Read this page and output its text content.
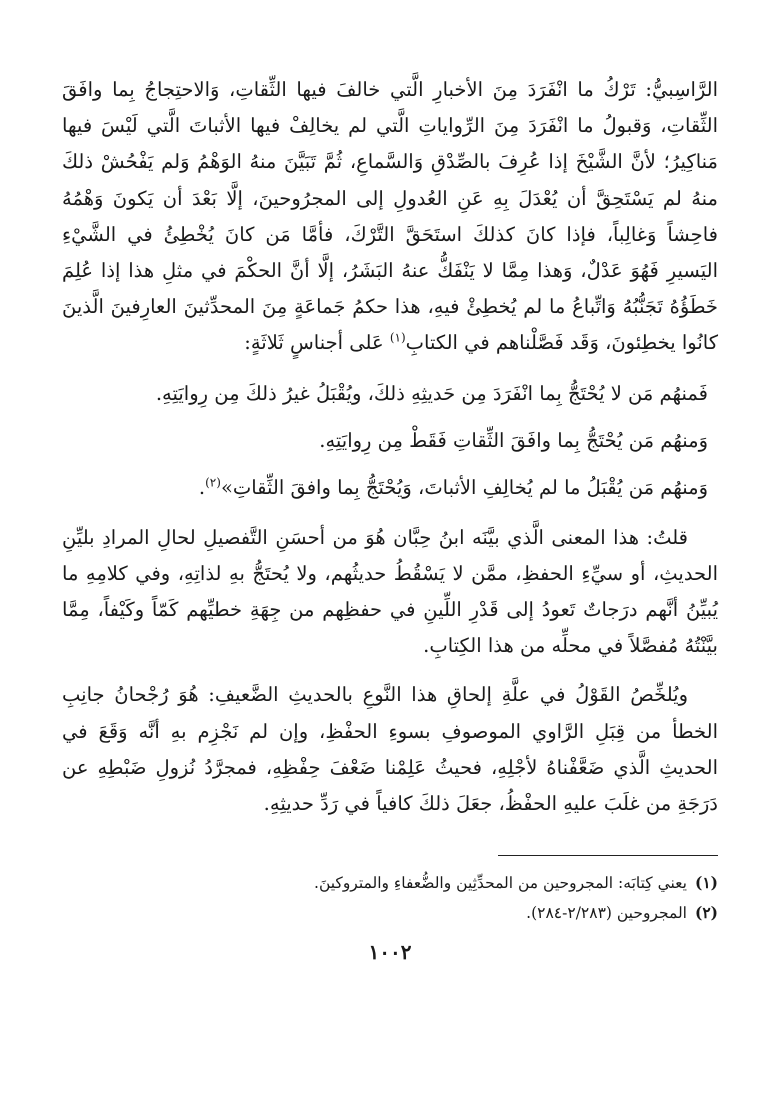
الرَّاسِبيُّ: تَرْكُ ما انْفَرَدَ مِنَ الأخبارِ الَّتي خالفَ فيها الثِّقاتِ، وَالاحتِجاجُ بِما وافَقَ الثِّقاتِ، وَقبولُ ما انْفَرَدَ مِنَ الرِّواياتِ الَّتي لم يخالِفْ فيها الأثباتَ الَّتي لَيْسَ فيها مَناكِيرُ؛ لأنَّ الشَّيْخَ إذا عُرِفَ بالصِّدْقِ وَالسَّماعِ، ثُمَّ تَبَيَّنَ منهُ الوَهْمُ وَلم يَفْحُشْ ذلكَ منهُ لم يَسْتَحِقَّ أن يُعْدَلَ بِهِ عَنِ العُدولِ إلى المجرُوحينَ، إلَّا بَعْدَ أن يَكونَ وَهْمُهُ فاحِشاً وَغالِباً، فإذا كانَ كذلكَ استَحَقَّ التَّرْكَ، فأمَّا مَن كانَ يُخْطِئُ في الشَّيْءِ اليَسيرِ فَهُوَ عَدْلٌ، وَهذا مِمَّا لا يَنْفَكُّ عنهُ البَشَرُ، إلَّا أنَّ الحكْمَ في مثلِ هذا إذا عُلِمَ خَطَؤُهُ تَجَنُّبُهُ وَاتِّباعُ ما لم يُخطِئْ فيهِ، هذا حكمُ جَماعَةٍ مِنَ المحدِّثينَ العارِفينَ الَّذينَ كانُوا يخطِئونَ، وَقَد فَصَّلْناهم في الكتابِ$^{(١)}$ عَلى أجناسٍ ثَلاثَةٍ:

فَمنهُم مَن لا يُحْتَجُّ بِما انْفَرَدَ مِن حَديثِهِ ذلكَ، ويُقْبَلُ غيرُ ذلكَ مِن رِوايَتِهِ.

وَمنهُم مَن يُحْتَجُّ بِما وافَقَ الثِّقاتِ فَقَطْ مِن رِوايَتِهِ.

وَمنهُم مَن يُقْبَلُ ما لم يُخالِفِ الأثباتَ، وَيُحْتَجُّ بِما وافقَ الثِّقاتِ»$^{(٢)}$.

قلتُ: هذا المعنى الَّذي بيَّنَه ابنُ حِبَّان هُوَ من أحسَنِ التَّفصيلِ لحالِ المرادِ بليِّنِ الحديثِ، أو سيِّءِ الحفظِ، ممَّن لا يَسْقُطُ حديثُهم، ولا يُحتَجُّ بهِ لذاتِهِ، وفي كلامِهِ ما يُبيِّنُ أنَّهم درَجاتٌ تَعودُ إلى قَدْرِ اللِّينِ في حفظِهم من جِهَةِ خطيِّهم كَمّاً وكَيْفاً، مِمَّا بيَّنْتُهُ مُفصَّلاً في محلِّه من هذا الكِتابِ.

ويُلخِّصُ القَوْلُ في علَّةِ إلحاقِ هذا النَّوعِ بالحديثِ الضَّعيفِ: هُوَ رُجْحانُ جانِبِ الخطأ من قِبَلِ الرَّاوي الموصوفِ بسوءِ الحفْظِ، وإن لم نَجْزِم بهِ أنَّه وَقَعَ في الحديثِ الَّذي ضَعَّفْناهُ لأجْلِهِ، فحيثُ عَلِمْنا ضَعْفَ حِفْظِهِ، فمجرَّدُ نُزولِ ضَبْطِهِ عن دَرَجَةِ من غلَبَ عليهِ الحفْظُ، جعَلَ ذلكَ كافياً في رَدِّ حديثِهِ.

(١)يعني كِتابَه: المجروحين من المحدِّثِين والضُّعفاءِ والمتروكينَ.

(٢)المجروحين (٢/٢٨٣-٢٨٤).

١٠٠٢
